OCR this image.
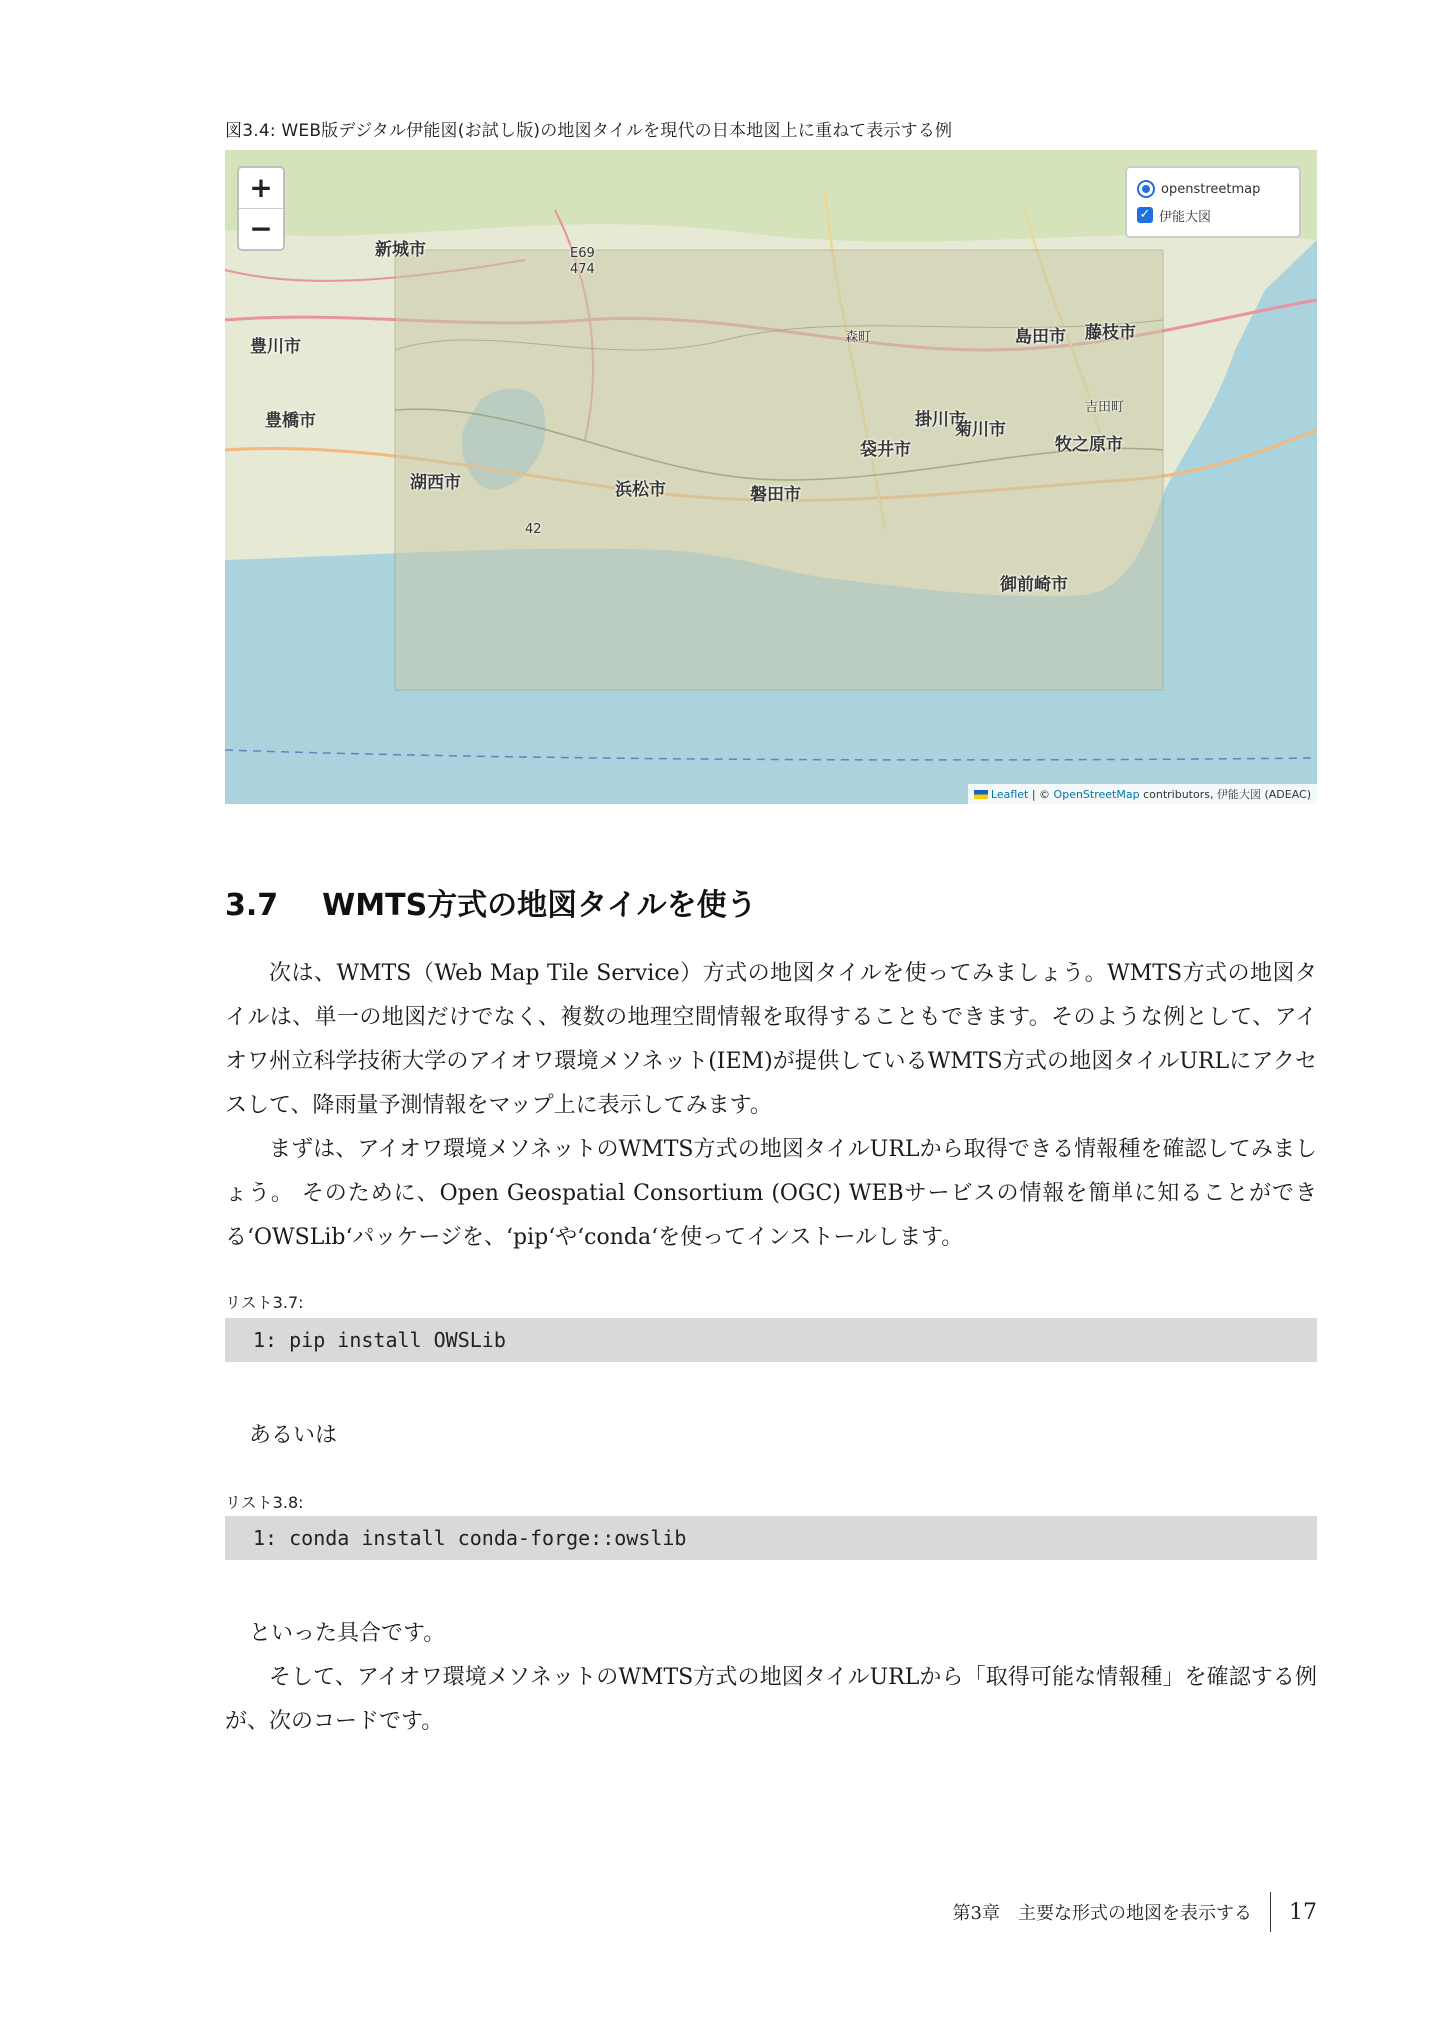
図3.4: WEB版デジタル伊能図(お試し版)の地図タイルを現代の日本地図上に重ねて表示する例
新城市	E69
474
森町
豊川市
豊橋市
湖西市	浜松市	磐田市
袋井市
掛川市
菊川市
藤枝市
島田市
吉田町
牧之原市
42
御前崎市
+
−
openstreetmap
✓ 伊能大図
Leaflet | © OpenStreetMap contributors, 伊能大図 (ADEAC)
3.7 WMTS方式の地図タイルを使う

次は、WMTS（Web Map Tile Service）方式の地図タイルを使ってみましょう。WMTS方式の地図タイルは、単一の地図だけでなく、複数の地理空間情報を取得することもできます。そのような例として、アイオワ州立科学技術大学のアイオワ環境メソネット(IEM)が提供しているWMTS方式の地図タイルURLにアクセスして、降雨量予測情報をマップ上に表示してみます。

まずは、アイオワ環境メソネットのWMTS方式の地図タイルURLから取得できる情報種を確認してみましょう。 そのために、Open Geospatial Consortium (OGC) WEBサービスの情報を簡単に知ることができる‘OWSLib‘パッケージを、‘pip‘や‘conda‘を使ってインストールします。

リスト3.7:
1: pip install OWSLib
あるいは
リスト3.8:
1: conda install conda-forge::owslib
といった具合です。

そして、アイオワ環境メソネットのWMTS方式の地図タイルURLから「取得可能な情報種」を確認する例が、次のコードです。

第3章　主要な形式の地図を表示する 17
